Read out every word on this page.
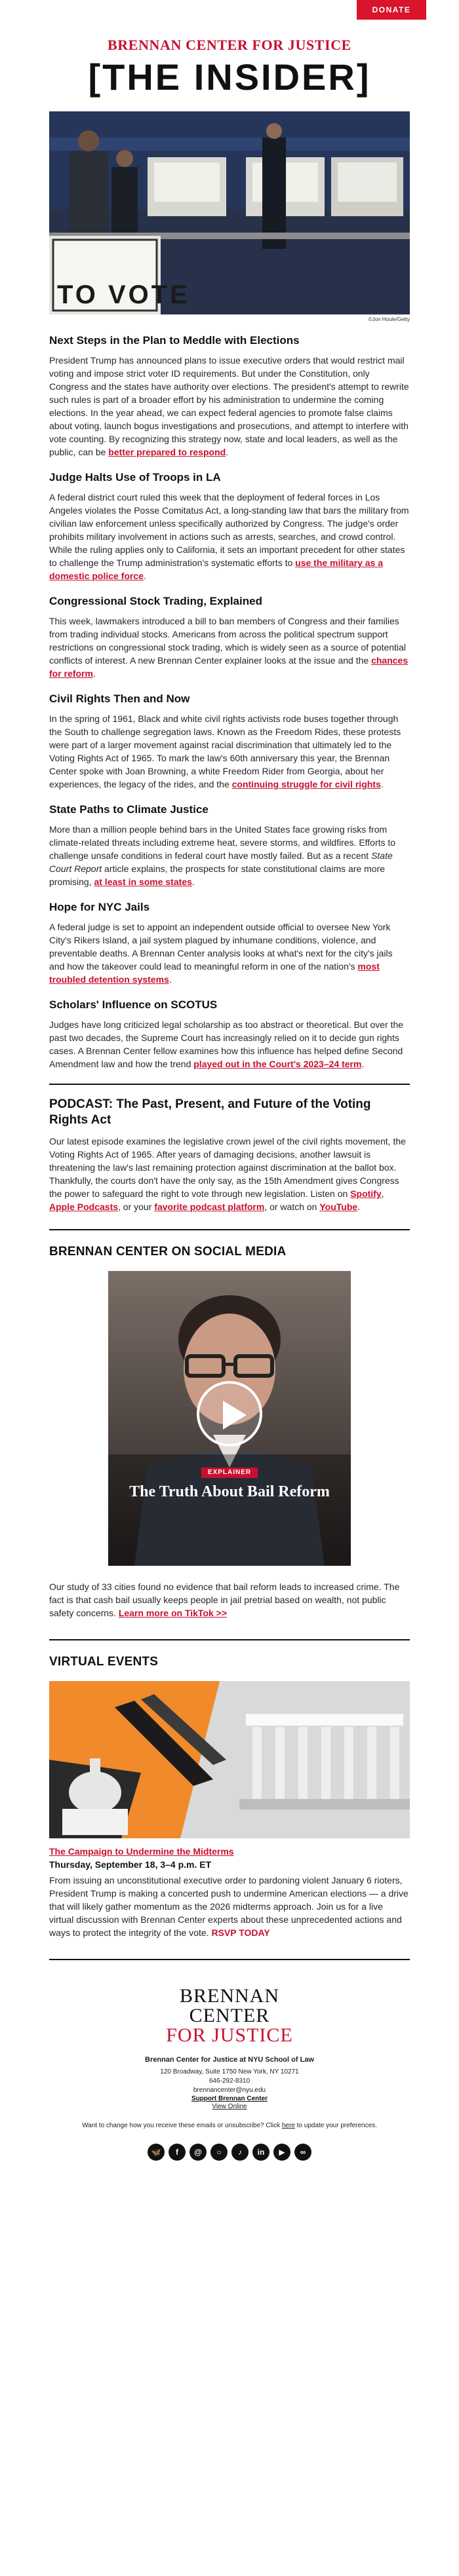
DONATE
BRENNAN CENTER FOR JUSTICE
[THE INSIDER]
TO VOTE
©Jon Houle/Getty
Next Steps in the Plan to Meddle with Elections

President Trump has announced plans to issue executive orders that would restrict mail voting and impose strict voter ID requirements. But under the Constitution, only Congress and the states have authority over elections. The president's attempt to rewrite such rules is part of a broader effort by his administration to undermine the coming elections. In the year ahead, we can expect federal agencies to promote false claims about voting, launch bogus investigations and prosecutions, and attempt to interfere with vote counting. By recognizing this strategy now, state and local leaders, as well as the public, can be better prepared to respond.

Judge Halts Use of Troops in LA

A federal district court ruled this week that the deployment of federal forces in Los Angeles violates the Posse Comitatus Act, a long-standing law that bars the military from civilian law enforcement unless specifically authorized by Congress. The judge's order prohibits military involvement in actions such as arrests, searches, and crowd control. While the ruling applies only to California, it sets an important precedent for other states to challenge the Trump administration's systematic efforts to use the military as a domestic police force.

Congressional Stock Trading, Explained

This week, lawmakers introduced a bill to ban members of Congress and their families from trading individual stocks. Americans from across the political spectrum support restrictions on congressional stock trading, which is widely seen as a source of potential conflicts of interest. A new Brennan Center explainer looks at the issue and the chances for reform.

Civil Rights Then and Now

In the spring of 1961, Black and white civil rights activists rode buses together through the South to challenge segregation laws. Known as the Freedom Rides, these protests were part of a larger movement against racial discrimination that ultimately led to the Voting Rights Act of 1965. To mark the law's 60th anniversary this year, the Brennan Center spoke with Joan Browning, a white Freedom Rider from Georgia, about her experiences, the legacy of the rides, and the continuing struggle for civil rights.

State Paths to Climate Justice

More than a million people behind bars in the United States face growing risks from climate-related threats including extreme heat, severe storms, and wildfires. Efforts to challenge unsafe conditions in federal court have mostly failed. But as a recent State Court Report article explains, the prospects for state constitutional claims are more promising, at least in some states.

Hope for NYC Jails

A federal judge is set to appoint an independent outside official to oversee New York City's Rikers Island, a jail system plagued by inhumane conditions, violence, and preventable deaths. A Brennan Center analysis looks at what's next for the city's jails and how the takeover could lead to meaningful reform in one of the nation's most troubled detention systems.

Scholars' Influence on SCOTUS

Judges have long criticized legal scholarship as too abstract or theoretical. But over the past two decades, the Supreme Court has increasingly relied on it to decide gun rights cases. A Brennan Center fellow examines how this influence has helped define Second Amendment law and how the trend played out in the Court's 2023–24 term.

PODCAST: The Past, Present, and Future of the Voting Rights Act

Our latest episode examines the legislative crown jewel of the civil rights movement, the Voting Rights Act of 1965. After years of damaging decisions, another lawsuit is threatening the law's last remaining protection against discrimination at the ballot box. Thankfully, the courts don't have the only say, as the 15th Amendment gives Congress the power to safeguard the right to vote through new legislation. Listen on Spotify, Apple Podcasts, or your favorite podcast platform, or watch on YouTube.

BRENNAN CENTER ON SOCIAL MEDIA
EXPLAINER
The Truth About Bail Reform

Our study of 33 cities found no evidence that bail reform leads to increased crime. The fact is that cash bail usually keeps people in jail pretrial based on wealth, not public safety concerns. Learn more on TikTok >>

VIRTUAL EVENTS
The Campaign to Undermine the Midterms
Thursday, September 18, 3–4 p.m. ET

From issuing an unconstitutional executive order to pardoning violent January 6 rioters, President Trump is making a concerted push to undermine American elections — a drive that will likely gather momentum as the 2026 midterms approach. Join us for a live virtual discussion with Brennan Center experts about these unprecedented actions and ways to protect the integrity of the vote. RSVP TODAY

BRENNAN
CENTER
FOR JUSTICE
Brennan Center for Justice at NYU School of Law
120 Broadway, Suite 1750 New York, NY 10271
646-292-8310
brennancenter@nyu.edu
Support Brennan Center
View Online
Want to change how you receive these emails or unsubscribe? Click here to update your preferences.
🦋	f	@	○	♪	in	▶	∞
